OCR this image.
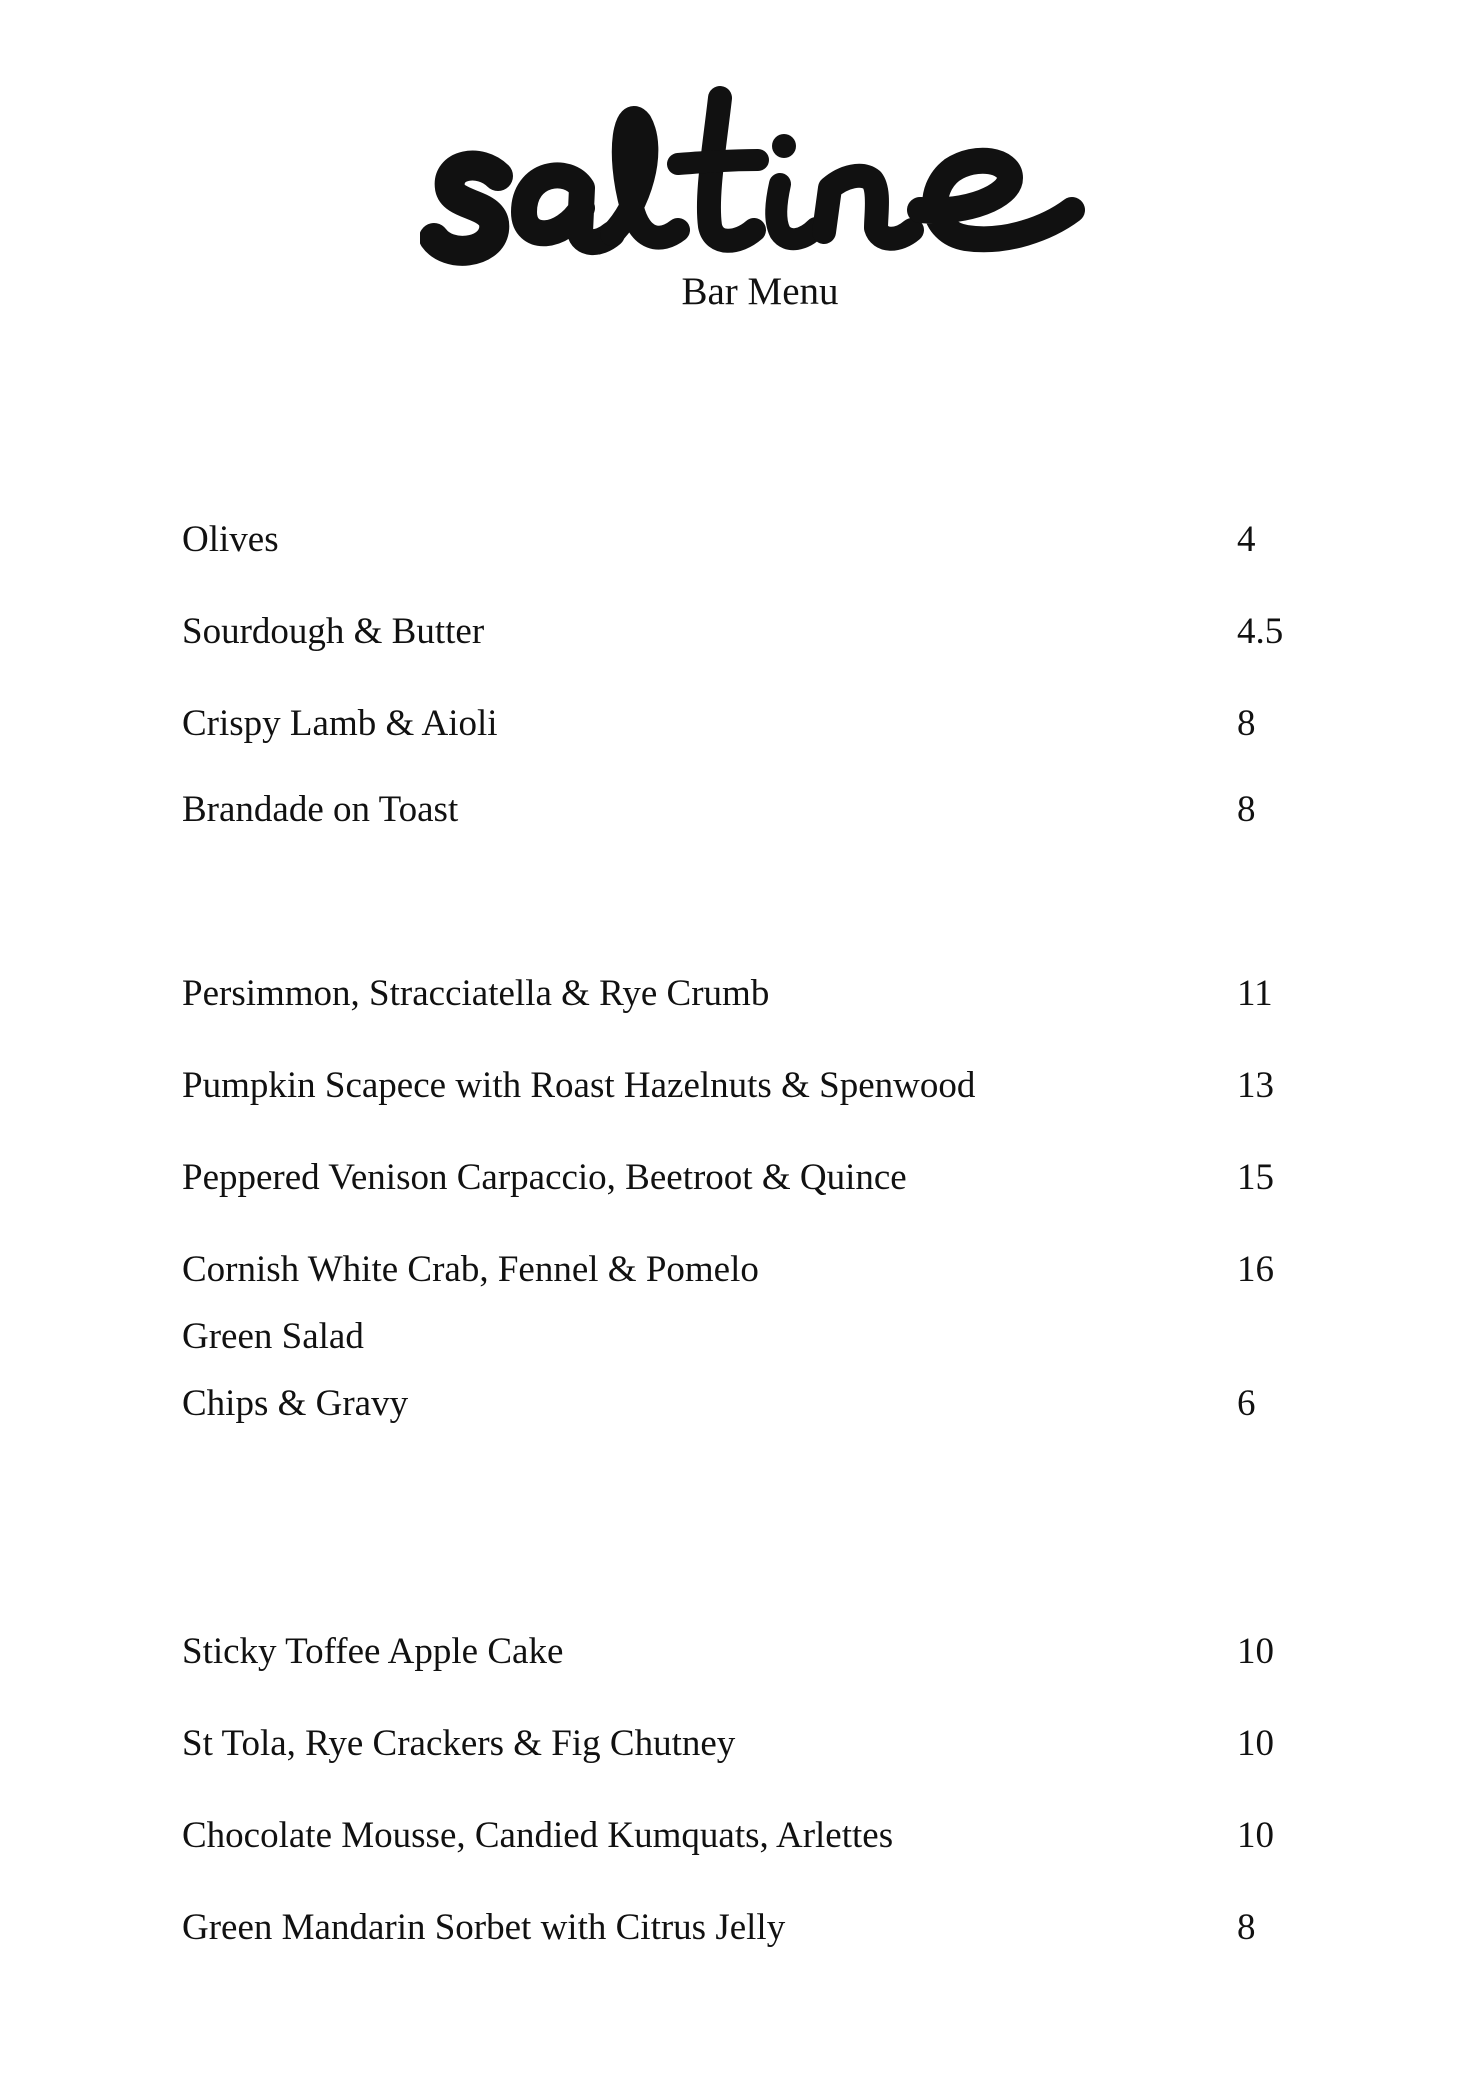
Bar Menu
Olives	4
Sourdough & Butter	4.5
Crispy Lamb & Aioli	8
Brandade on Toast	8
Persimmon, Stracciatella & Rye Crumb	11
Pumpkin Scapece with Roast Hazelnuts & Spenwood	13
Peppered Venison Carpaccio, Beetroot & Quince	15
Cornish White Crab, Fennel & Pomelo	16
Green Salad
Chips & Gravy	6
Sticky Toffee Apple Cake	10
St Tola, Rye Crackers & Fig Chutney	10
Chocolate Mousse, Candied Kumquats, Arlettes	10
Green Mandarin Sorbet with Citrus Jelly	8
